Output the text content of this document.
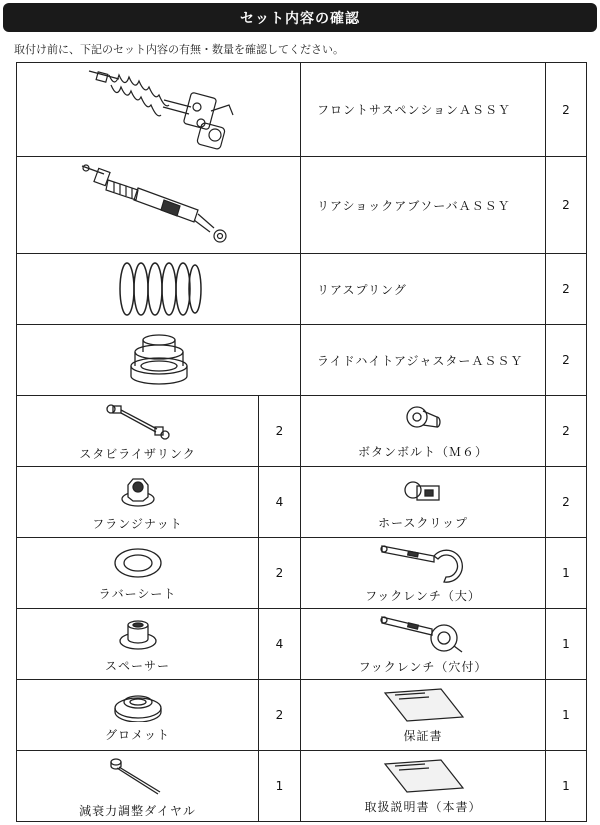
セット内容の確認
取付け前に、下記のセット内容の有無・数量を確認してください。
	フロントサスペンションＡＳＳＹ	2

	リアショックアブソーバＡＳＳＹ	2

	リアスプリング	2

	ライドハイトアジャスターＡＳＳＹ	2

スタビライザリンク	2	ボタンボルト（Ｍ６）	2

フランジナット	4	ホースクリップ	2

ラバーシート	2	フックレンチ（大）	1

スペーサー	4	フックレンチ（穴付）	1

グロメット	2	保証書	1

減衰力調整ダイヤル	1	取扱説明書（本書）	1
